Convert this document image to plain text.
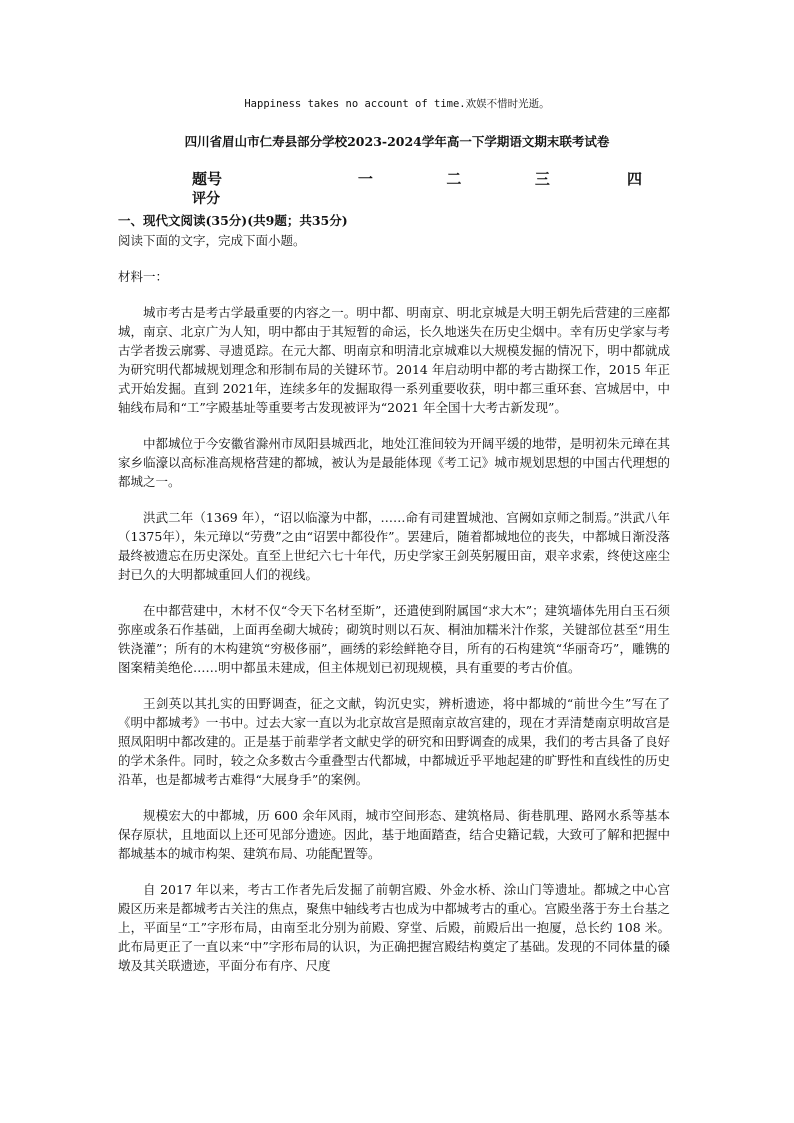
Happiness takes no account of time.欢娱不惜时光逝。
四川省眉山市仁寿县部分学校2023-2024学年高一下学期语文期末联考试卷
题号	一	二	三	四
评分
一、现代文阅读(35分)(共9题；共35分)
阅读下面的文字，完成下面小题。
材料一：

城市考古是考古学最重要的内容之一。明中都、明南京、明北京城是大明王朝先后营建的三座都城，南京、北京广为人知，明中都由于其短暂的命运，长久地迷失在历史尘烟中。幸有历史学家与考古学者拨云廓雾、寻遗觅踪。在元大都、明南京和明清北京城难以大规模发掘的情况下，明中都就成为研究明代都城规划理念和形制布局的关键环节。2014 年启动明中都的考古勘探工作，2015 年正式开始发掘。直到 2021年，连续多年的发掘取得一系列重要收获，明中都三重环套、宫城居中，中轴线布局和“工”字殿基址等重要考古发现被评为“2021 年全国十大考古新发现”。

中都城位于今安徽省滁州市凤阳县城西北，地处江淮间较为开阔平缓的地带，是明初朱元璋在其家乡临濠以高标准高规格营建的都城，被认为是最能体现《考工记》城市规划思想的中国古代理想的都城之一。

洪武二年（1369 年），“诏以临濠为中都，……命有司建置城池、宫阙如京师之制焉。”洪武八年（1375年），朱元璋以“劳费”之由“诏罢中都役作”。罢建后，随着都城地位的丧失，中都城日渐没落最终被遗忘在历史深处。直至上世纪六七十年代，历史学家王剑英躬履田亩，艰辛求索，终使这座尘封已久的大明都城重回人们的视线。

在中都营建中，木材不仅“令天下名材至斯”，还遣使到附属国“求大木”；建筑墙体先用白玉石须弥座或条石作基础，上面再垒砌大城砖；砌筑时则以石灰、桐油加糯米汁作浆，关键部位甚至“用生铁浇灌”；所有的木构建筑“穷极侈丽”，画绣的彩绘鲜艳夺目，所有的石构建筑“华丽奇巧”，雕镌的图案精美绝伦……明中都虽未建成，但主体规划已初现规模，具有重要的考古价值。

王剑英以其扎实的田野调查，征之文献，钩沉史实，辨析遗迹，将中都城的“前世今生”写在了《明中都城考》一书中。过去大家一直以为北京故宫是照南京故宫建的，现在才弄清楚南京明故宫是照凤阳明中都改建的。正是基于前辈学者文献史学的研究和田野调查的成果，我们的考古具备了良好的学术条件。同时，较之众多数古今重叠型古代都城，中都城近乎平地起建的旷野性和直线性的历史沿革，也是都城考古难得“大展身手”的案例。

规模宏大的中都城，历 600 余年风雨，城市空间形态、建筑格局、街巷肌理、路网水系等基本保存原状，且地面以上还可见部分遗迹。因此，基于地面踏查，结合史籍记载，大致可了解和把握中都城基本的城市构架、建筑布局、功能配置等。

自 2017 年以来，考古工作者先后发掘了前朝宫殿、外金水桥、涂山门等遗址。都城之中心宫殿区历来是都城考古关注的焦点，聚焦中轴线考古也成为中都城考古的重心。宫殿坐落于夯土台基之上，平面呈“工”字形布局，由南至北分别为前殿、穿堂、后殿，前殿后出一抱厦，总长约 108 米。此布局更正了一直以来“中”字形布局的认识，为正确把握宫殿结构奠定了基础。发现的不同体量的磉墩及其关联遗迹，平面分布有序、尺度
